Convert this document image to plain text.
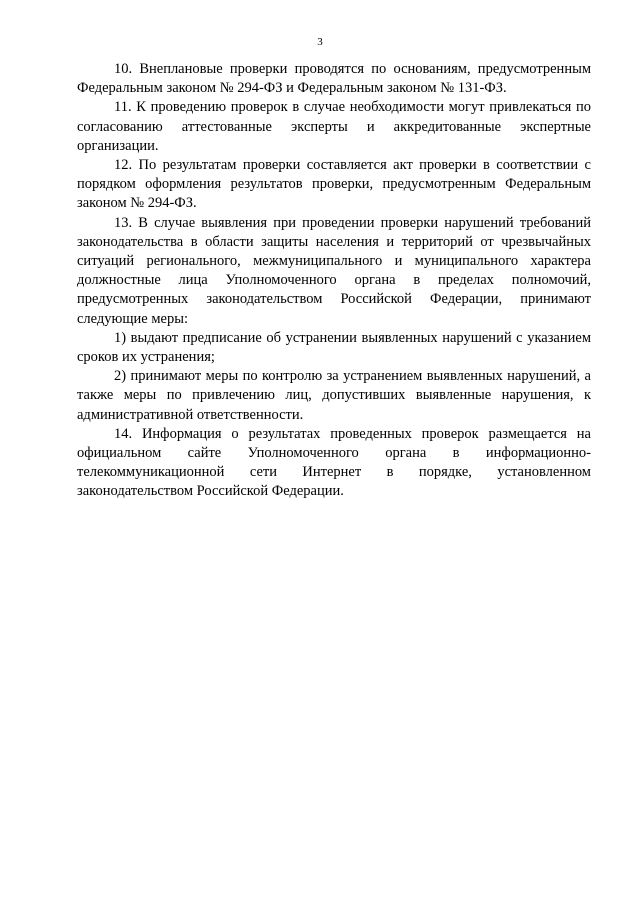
3

10. Внеплановые проверки проводятся по основаниям, предусмотренным Федеральным законом № 294-ФЗ и Федеральным законом № 131-ФЗ.

11. К проведению проверок в случае необходимости могут привлекаться по согласованию аттестованные эксперты и аккредитованные экспертные организации.

12. По результатам проверки составляется акт проверки в соответствии с порядком оформления результатов проверки, предусмотренным Федеральным законом № 294-ФЗ.

13. В случае выявления при проведении проверки нарушений требований законодательства в области защиты населения и территорий от чрезвычайных ситуаций регионального, межмуниципального и муниципального характера должностные лица Уполномоченного органа в пределах полномочий, предусмотренных законодательством Российской Федерации, принимают следующие меры:

1) выдают предписание об устранении выявленных нарушений с указанием сроков их устранения;

2) принимают меры по контролю за устранением выявленных нарушений, а также меры по привлечению лиц, допустивших выявленные нарушения, к административной ответственности.

14. Информация о результатах проведенных проверок размещается на официальном сайте Уполномоченного органа в информационно-телекоммуникационной сети Интернет в порядке, установленном законодательством Российской Федерации.
